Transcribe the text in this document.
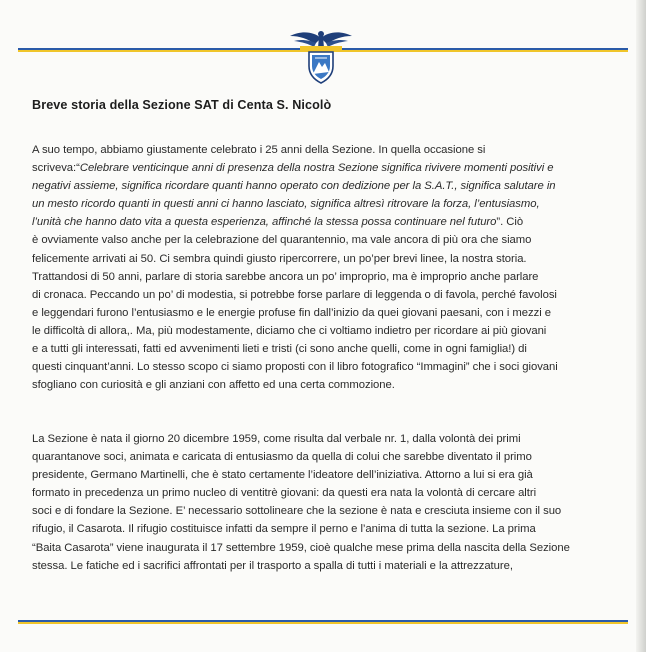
Breve storia della Sezione SAT di Centa S. Nicolò
A suo tempo, abbiamo giustamente celebrato i 25 anni della Sezione. In quella occasione si
scriveva:“Celebrare venticinque anni di presenza della nostra Sezione significa rivivere momenti positivi e
negativi assieme, significa ricordare quanti hanno operato con dedizione per la S.A.T., significa salutare in
un mesto ricordo quanti in questi anni ci hanno lasciato, significa altresì ritrovare la forza, l’entusiasmo,
l’unità che hanno dato vita a questa esperienza, affinché la stessa possa continuare nel futuro”. Ciò
è ovviamente valso anche per la celebrazione del quarantennio, ma vale ancora di più ora che siamo
felicemente arrivati ai 50. Ci sembra quindi giusto ripercorrere, un po’per brevi linee, la nostra storia.
Trattandosi di 50 anni, parlare di storia sarebbe ancora un po’ improprio, ma è improprio anche parlare
di cronaca. Peccando un po’ di modestia, si potrebbe forse parlare di leggenda o di favola, perché favolosi
e leggendari furono l’entusiasmo e le energie profuse fin dall’inizio da quei giovani paesani, con i mezzi e
le difficoltà di allora,. Ma, più modestamente, diciamo che ci voltiamo indietro per ricordare ai più giovani
e a tutti gli interessati, fatti ed avvenimenti lieti e tristi (ci sono anche quelli, come in ogni famiglia!) di
questi cinquant’anni. Lo stesso scopo ci siamo proposti con il libro fotografico “Immagini” che i soci giovani
sfogliano con curiosità e gli anziani con affetto ed una certa commozione.
La Sezione è nata il giorno 20 dicembre 1959, come risulta dal verbale nr. 1, dalla volontà dei primi
quarantanove soci, animata e caricata di entusiasmo da quella di colui che sarebbe diventato il primo
presidente, Germano Martinelli, che è stato certamente l’ideatore dell’iniziativa. Attorno a lui si era già
formato in precedenza un primo nucleo di ventitrè giovani: da questi era nata la volontà di cercare altri
soci e di fondare la Sezione. E’ necessario sottolineare che la sezione è nata e cresciuta insieme con il suo
rifugio, il Casarota. Il rifugio costituisce infatti da sempre il perno e l’anima di tutta la sezione. La prima
“Baita Casarota” viene inaugurata il 17 settembre 1959, cioè qualche mese prima della nascita della Sezione
stessa. Le fatiche ed i sacrifici affrontati per il trasporto a spalla di tutti i materiali e la attrezzature,
